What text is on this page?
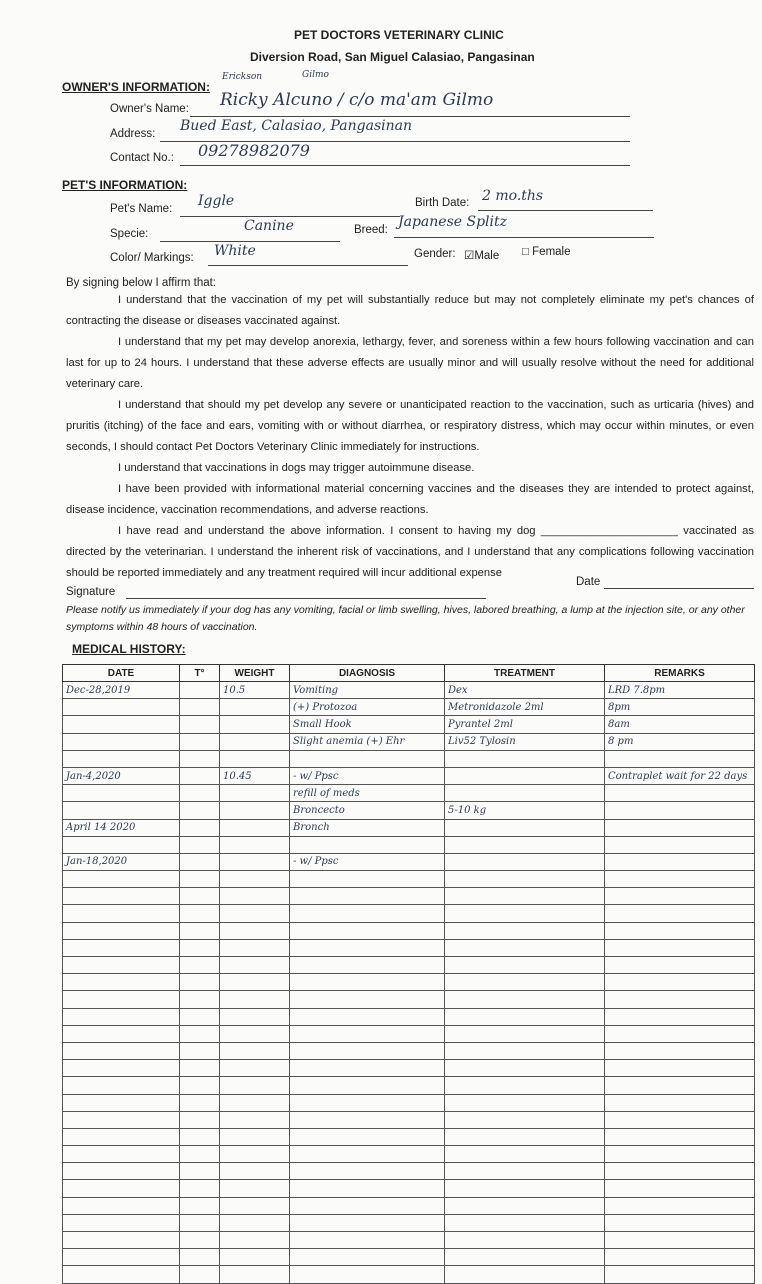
PET DOCTORS VETERINARY CLINIC
Diversion Road, San Miguel Calasiao, Pangasinan
OWNER'S INFORMATION:
Erickson	Gilmo
Owner's Name: Ricky Alcuno / c/o ma'am Gilmo
Address: Bued East, Calasiao, Pangasinan
Contact No.: 09278982079
PET'S INFORMATION:
Pet's Name: Iggle	Birth Date: 2 mo.ths
Specie:	Canine	Breed: Japanese Splitz
Color/ Markings: White	Gender: ☑Male □ Female
By signing below I affirm that:

I understand that the vaccination of my pet will substantially reduce but may not completely eliminate my pet's chances of contracting the disease or diseases vaccinated against.

I understand that my pet may develop anorexia, lethargy, fever, and soreness within a few hours following vaccination and can last for up to 24 hours. I understand that these adverse effects are usually minor and will usually resolve without the need for additional veterinary care.

I understand that should my pet develop any severe or unanticipated reaction to the vaccination, such as urticaria (hives) and pruritis (itching) of the face and ears, vomiting with or without diarrhea, or respiratory distress, which may occur within minutes, or even seconds, I should contact Pet Doctors Veterinary Clinic immediately for instructions.

I understand that vaccinations in dogs may trigger autoimmune disease.

I have been provided with informational material concerning vaccines and the diseases they are intended to protect against, disease incidence, vaccination recommendations, and adverse reactions.

I have read and understand the above information. I consent to having my dog ______________________ vaccinated as directed by the veterinarian. I understand the inherent risk of vaccinations, and I understand that any complications following vaccination should be reported immediately and any treatment required will incur additional expense

Signature
Date
Please notify us immediately if your dog has any vomiting, facial or limb swelling, hives, labored breathing, a lump at the injection site, or any other symptoms within 48 hours of vaccination.
MEDICAL HISTORY:
DATE	T°	WEIGHT	DIAGNOSIS	TREATMENT	REMARKS
Dec-28,2019		10.5	Vomiting	Dex	LRD 7.8pm
			(+) Protozoa	Metronidazole 2ml	8pm
			Small Hook	Pyrantel 2ml	8am
			Slight anemia (+) Ehr	Liv52 Tylosin	8 pm

Jan-4,2020		10.45	- w/ Ppsc		Contraplet wait for 22 days
			refill of meds		
			Broncecto	5-10 kg	
April 14 2020			Bronch		

Jan-18,2020			- w/ Ppsc		
